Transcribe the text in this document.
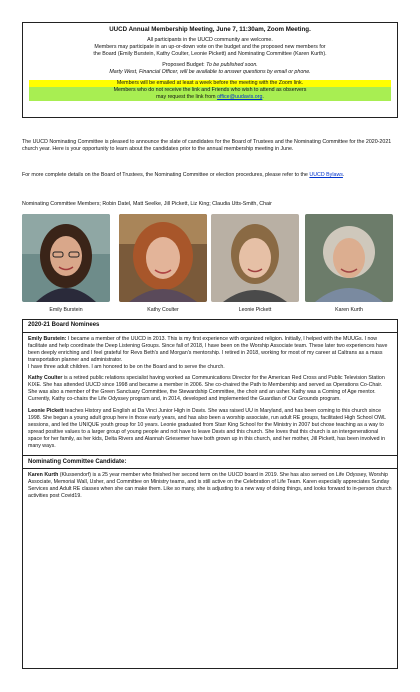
UUCD Annual Membership Meeting, June 7, 11:30am, Zoom Meeting.
All participants in the UUCD community are welcome.
Members may participate in an up-or-down vote on the budget and the proposed new members for
the Board (Emily Burstein, Kathy Coulter, Leonie Pickett) and Nominating Committee (Karen Kurth).
Proposed Budget: To be published soon.
Marty West, Financial Officer, will be available to answer questions by email or phone.
Members will be emailed at least a week before the meeting with the Zoom link.
Members who do not receive the link and Friends who wish to attend as observers
may request the link from office@uudavis.org.
The UUCD Nominating Committee is pleased to announce the slate of candidates for the Board of Trustees and the Nominating Committee for the 2020-2021 church year. Here is your opportunity to learn about the candidates prior to the annual membership meeting in June.
For more complete details on the Board of Trustees, the Nominating Committee or election procedures, please refer to the UUCD Bylaws.
Nominating Committee Members; Robin Datel, Matt Seelke, Jill Pickett, Liz King; Claudia Utts-Smith, Chair
Emily Burstein	Kathy Coulter	Leonie Pickett	Karen Kurth
2020-21 Board Nominees

Emily Burstein: I became a member of the UUCD in 2013. This is my first experience with organized religion. Initially, I helped with the MUUGs. I now facilitate and help coordinate the Deep Listening Groups. Since fall of 2018, I have been on the Worship Associate team. These later two experiences have been deeply enriching and I feel grateful for Revs Beth's and Morgan's mentorship. I retired in 2018, working for most of my career at Caltrans as a mass transportation planner and administrator.
I have three adult children. I am honored to be on the Board and to serve the church.

Kathy Coulter is a retired public relations specialist having worked as Communications Director for the American Red Cross and Public Television Station KIXE. She has attended UUCD since 1998 and became a member in 2006. She co-chaired the Path to Membership and served as Operations Co-Chair. She was also a member of the Green Sanctuary Committee, the Stewardship Committee, the choir and an usher. Kathy was a Coming of Age mentor. Currently, Kathy co-chairs the Life Odyssey program and, in 2014, developed and implemented the Guardian of Our Grounds program.

Leonie Pickett teaches History and English at Da Vinci Junior High in Davis. She was raised UU in Maryland, and has been coming to this church since 1998. She began a young adult group here in those early years, and has also been a worship associate, run adult RE groups, facilitated High School OWL sessions, and led the UNIQUE youth group for 10 years. Leonie graduated from Starr King School for the Ministry in 2007 but chose teaching as a way to spread positive values to a larger group of young people and not have to leave Davis and this church. She loves that this church is an intergenerational space for her family, as her kids, Delta Rivers and Alannah Griesemer have both grown up in this church, and her mother, Jill Pickett, has been involved in many ways.

Nominating Committee Candidate:

Karen Kurth (Klussendorf) is a 25 year member who finished her second term on the UUCD board in 2019. She has also served on Life Odyssey, Worship Associate, Memorial Wall, Usher, and Committee on Ministry teams, and is still active on the Celebration of Life Team. Karen especially appreciates Sunday Services and Adult RE classes when she can make them. Like so many, she is adjusting to a new way of doing things, and looks forward to in-person church activities post Covid19.
